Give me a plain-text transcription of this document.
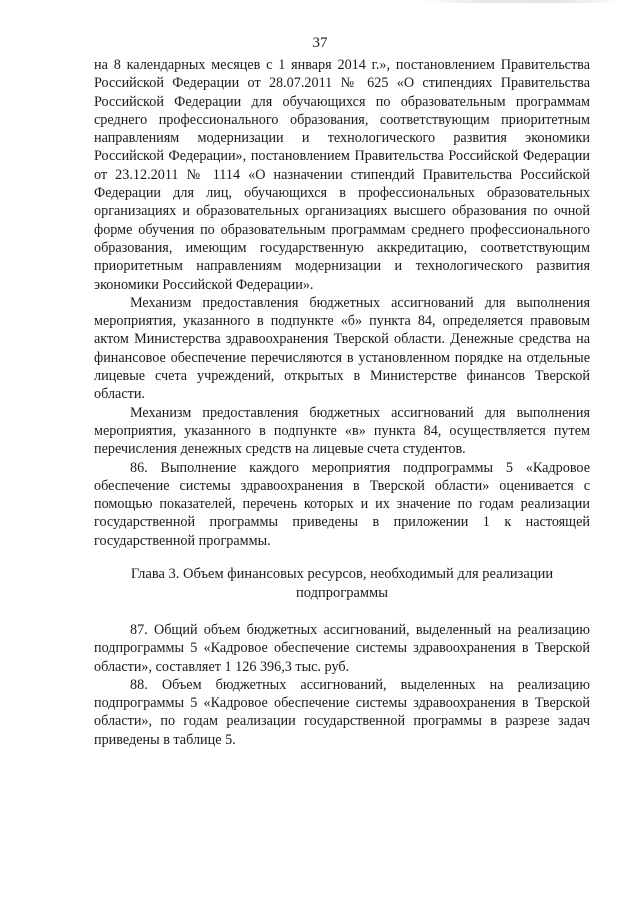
37

на 8 календарных месяцев с 1 января 2014 г.», постановлением Правительства Российской Федерации от 28.07.2011 № 625 «О стипендиях Правительства Российской Федерации для обучающихся по образовательным программам среднего профессионального образования, соответствующим приоритетным направлениям модернизации и технологического развития экономики Российской Федерации», постановлением Правительства Российской Федерации от 23.12.2011 № 1114 «О назначении стипендий Правительства Российской Федерации для лиц, обучающихся в профессиональных образовательных организациях и образовательных организациях высшего образования по очной форме обучения по образовательным программам среднего профессионального образования, имеющим государственную аккредитацию, соответствующим приоритетным направлениям модернизации и технологического развития экономики Российской Федерации».

Механизм предоставления бюджетных ассигнований для выполнения мероприятия, указанного в подпункте «б» пункта 84, определяется правовым актом Министерства здравоохранения Тверской области. Денежные средства на финансовое обеспечение перечисляются в установленном порядке на отдельные лицевые счета учреждений, открытых в Министерстве финансов Тверской области.

Механизм предоставления бюджетных ассигнований для выполнения мероприятия, указанного в подпункте «в» пункта 84, осуществляется путем перечисления денежных средств на лицевые счета студентов.

86. Выполнение каждого мероприятия подпрограммы 5 «Кадровое обеспечение системы здравоохранения в Тверской области» оценивается с помощью показателей, перечень которых и их значение по годам реализации государственной программы приведены в приложении 1 к настоящей государственной программы.

Глава 3. Объем финансовых ресурсов, необходимый для реализации
подпрограммы

87. Общий объем бюджетных ассигнований, выделенный на реализацию подпрограммы 5 «Кадровое обеспечение системы здравоохранения в Тверской области», составляет 1 126 396,3 тыс. руб.

88. Объем бюджетных ассигнований, выделенных на реализацию подпрограммы 5 «Кадровое обеспечение системы здравоохранения в Тверской области», по годам реализации государственной программы в разрезе задач приведены в таблице 5.
